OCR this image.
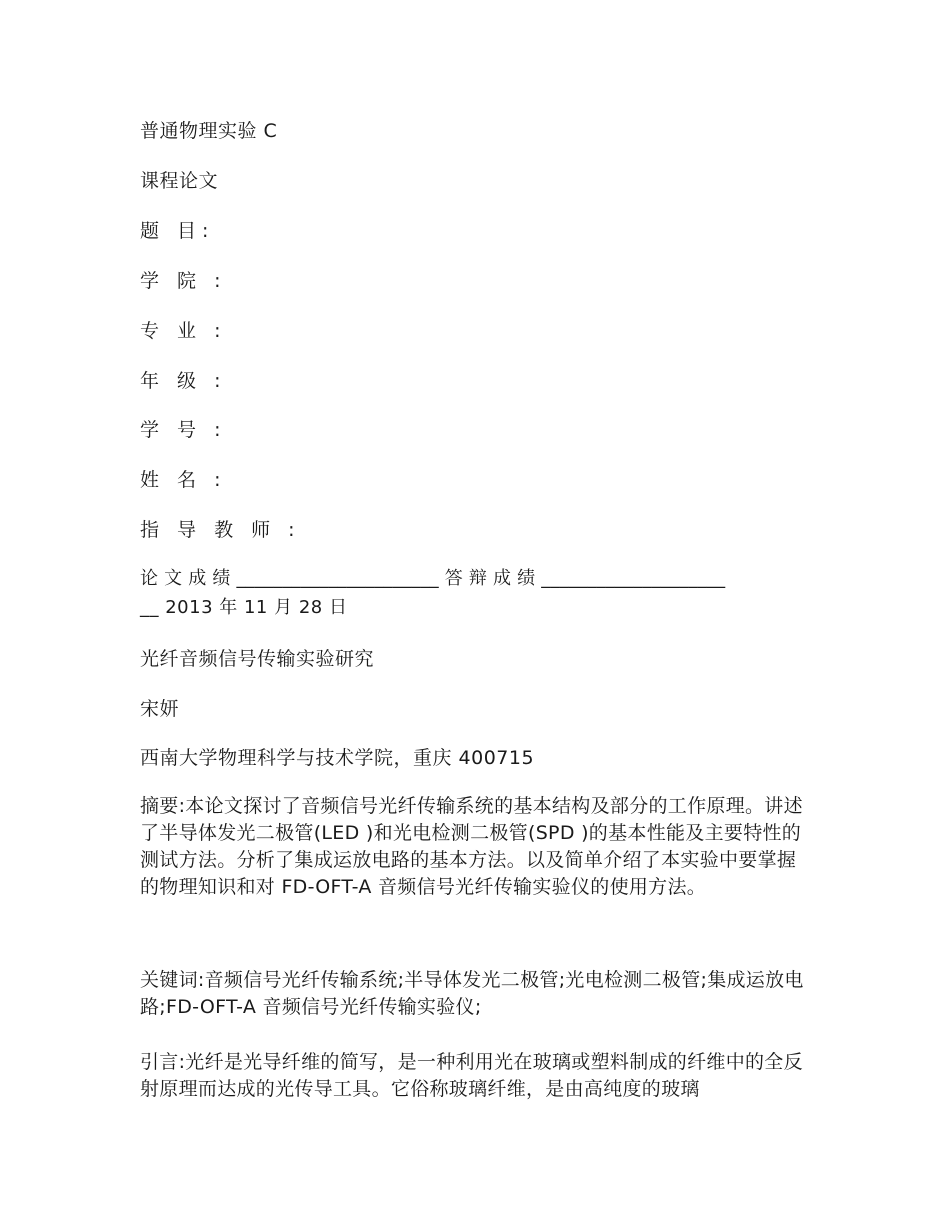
普通物理实验 C
课程论文
题 目:
学 院 :
专 业 :
年 级 :
学 号 :
姓 名 :
指 导 教 师 :
论 文 成 绩 ______________________ 答 辩 成 绩 ____________________
__ 2013 年 11 月 28 日
光纤音频信号传输实验研究
宋妍
西南大学物理科学与技术学院，重庆 400715
摘要:本论文探讨了音频信号光纤传输系统的基本结构及部分的工作原理。讲述了半导体发光二极管(LED )和光电检测二极管(SPD )的基本性能及主要特性的测试方法。分析了集成运放电路的基本方法。以及简单介绍了本实验中要掌握的物理知识和对 FD-OFT-A 音频信号光纤传输实验仪的使用方法。
关键词:音频信号光纤传输系统;半导体发光二极管;光电检测二极管;集成运放电路;FD-OFT-A 音频信号光纤传输实验仪;
引言:光纤是光导纤维的简写，是一种利用光在玻璃或塑料制成的纤维中的全反射原理而达成的光传导工具。它俗称玻璃纤维，是由高纯度的玻璃
